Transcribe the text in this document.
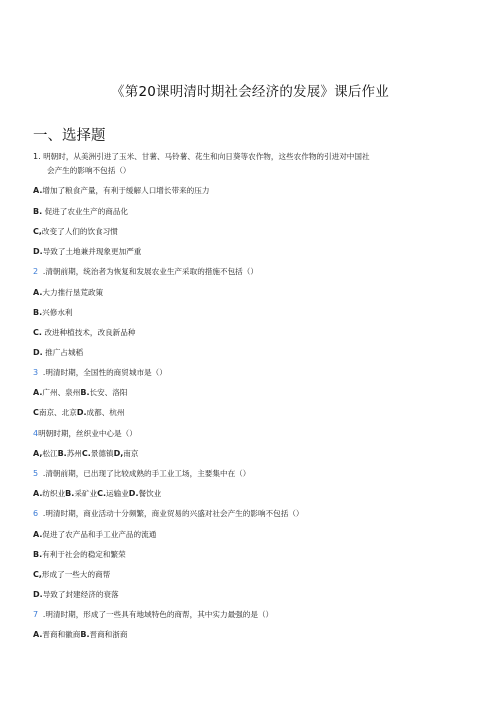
《第20课明清时期社会经济的发展》课后作业
一、选择题
1. 明朝时，从美洲引进了玉米、甘薯、马铃薯、花生和向日葵等农作物，这些农作物的引进对中国社
会产生的影响不包括（）
A.增加了粮食产量，有利于缓解人口增长带来的压力
B. 促进了农业生产的商品化
C,改变了人们的饮食习惯
D.导致了土地兼并现象更加严重
2 .清朝前期，统治者为恢复和发展农业生产采取的措施不包括（）
A.大力推行垦荒政策
B.兴修水利
C. 改进种植技术，改良新品种
D. 推广占城稻
3 .明清时期，全国性的商贸城市是（）
A.广州、泉州B.长安、洛阳
C南京、北京D.成都、杭州
4明朝时期，丝织业中心是（）
A,松江B.苏州C.景德镇D,南京
5 .清朝前期，已出现了比较成熟的手工业工场，主要集中在（）
A.纺织业B.采矿业C.运输业D.餐饮业
6 .明清时期，商业活动十分频繁，商业贸易的兴盛对社会产生的影响不包括（）
A.促进了农产品和手工业产品的流通
B.有利于社会的稳定和繁荣
C,形成了一些大的商帮
D.导致了封建经济的衰落
7 .明清时期，形成了一些具有地域特色的商帮，其中实力最强的是（）
A.晋商和徽商B.晋商和浙商
